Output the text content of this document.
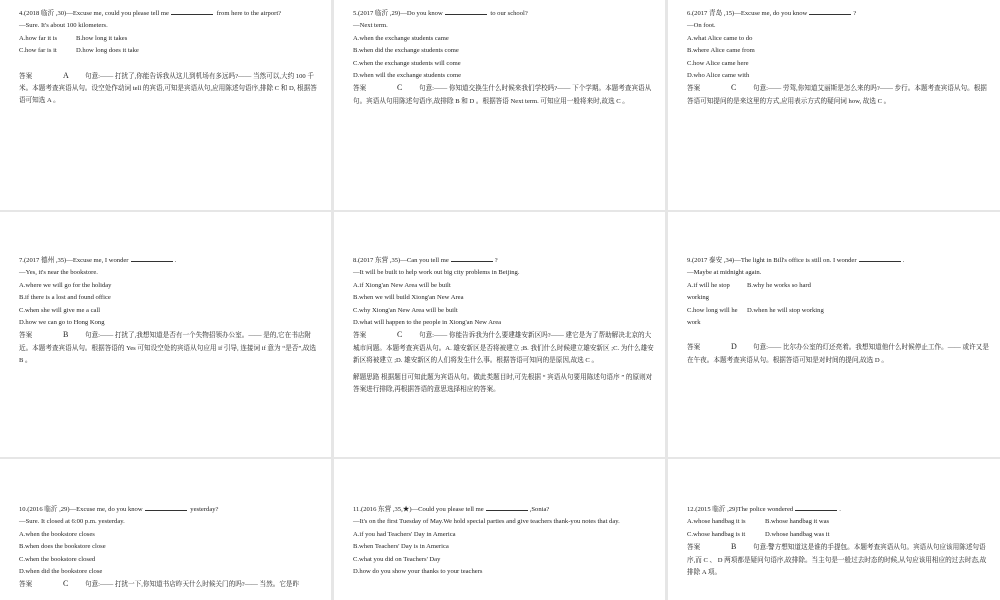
4.(2018 临沂 ,30)—Excuse me, could you please tell me	from here to the airport?
—Sure. It's about 100 kilometers.
A.how far it is	B.how long it takes
C.how far is it	D.how long does it take
答案	A 句意:—— 打扰了,你能告诉我从这儿到机场有多远吗?—— 当然可以,大约 100 千米。本题考查宾语从句。设空处作动词 tell 的宾语,可知是宾语从句,应用陈述句语序,排除 C 和 D, 根据答语可知选 A 。
5.(2017 临沂 ,29)—Do you know	to our school?
—Next term.
A.when the exchange students came
B.when did the exchange students come
C.when the exchange students will come
D.when will the exchange students come
答案	C	句意:—— 你知道交换生什么时候来我们学校吗?—— 下个学期。本题考查宾语从句。宾语从句用陈述句语序,故排除 B 和 D 。根据答语 Next term. 可知应用一般将来时,故选 C 。
6.(2017 青岛 ,15)—Excuse me, do you know	?
—On foot.
A.what Alice came to do
B.where Alice came from
C.how Alice came here
D.who Alice came with
答案	C	句意:—— 劳驾,你知道艾丽斯是怎么来的吗?—— 步行。本题考查宾语从句。根据答语可知提问的是来这里的方式,应用表示方式的疑问词 how, 故选 C 。
7.(2017 德州 ,35)—Excuse me, I wonder	.
—Yes, it's near the bookstore.
A.where we will go for the holiday
B.if there is a lost and found office
C.when she will give me a call
D.how we can go to Hong Kong
答案	B	句意:—— 打扰了,我想知道是否有一个失物招领办公室。—— 是的,它在书店附近。本题考查宾语从句。根据答语的 Yes 可知设空处的宾语从句应用 if 引导, 连接词 if 意为 “是否”,故选 B 。
8.(2017 东营 ,35)—Can you tell me	?
—It will be built to help work out big city problems in Beijing.
A.if Xiong'an New Area will be built
B.when we will build Xiong'an New Area
C.why Xiong'an New Area will be built
D.what will happen to the people in Xiong'an New Area
答案	C	句意:—— 你能告诉我为什么要建雄安新区吗?—— 建它是为了帮助解决北京的大城市问题。本题考查宾语从句。A. 雄安新区是否将被建立 ;B. 我们什么时候建立雄安新区 ;C. 为什么雄安新区将被建立 ;D. 雄安新区的人们将发生什么事。根据答语可知问的是原因,故选 C 。
解题思路 根据题目可知此题为宾语从句。做此类题目时,可先根据 “ 宾语从句要用陈述句语序 ” 的原则对答案进行排除,再根据答语的意思选择相应的答案。
9.(2017 泰安 ,34)—The light in Bill's office is still on. I wonder	.
—Maybe at midnight again.
A.if will he stop working
B.why he works so hard
C.how long will he work
D.when he will stop working
答案	D 句意:—— 比尔办公室的灯还亮着。我想知道他什么时候停止工作。—— 或许又是在午夜。本题考查宾语从句。根据答语可知是对时间的提问,故选 D 。
10.(2016 临沂 ,29)—Excuse me, do you know	yesterday?
—Sure. It closed at 6:00 p.m. yesterday.
A.when the bookstore closes
B.when does the bookstore close
C.when the bookstore closed
D.when did the bookstore close
答案	C	句意:—— 打扰一下,你知道书店昨天什么时候关门的吗?—— 当然。它是昨
11.(2016 东营 ,35,★)—Could you please tell me	,Sonia?
—It's on the first Tuesday of May.We hold special parties and give teachers thank-you notes that day.
A.if you had Teachers' Day in America
B.when Teachers' Day is in America
C.what you did on Teachers' Day
D.how do you show your thanks to your teachers
12.(2015 临沂 ,29)The police wondered	.
A.whose handbag it is	B.whose handbag it was
C.whose handbag is it	D.whose handbag was it
答案	B	句意:警方想知道这是谁的手提包。本题考查宾语从句。宾语从句应该用陈述句语序,而 C 、 D 两项都是疑问句语序,故排除。当主句是一般过去时态的时候,从句应该用相应的过去时态,故排除 A 项。
